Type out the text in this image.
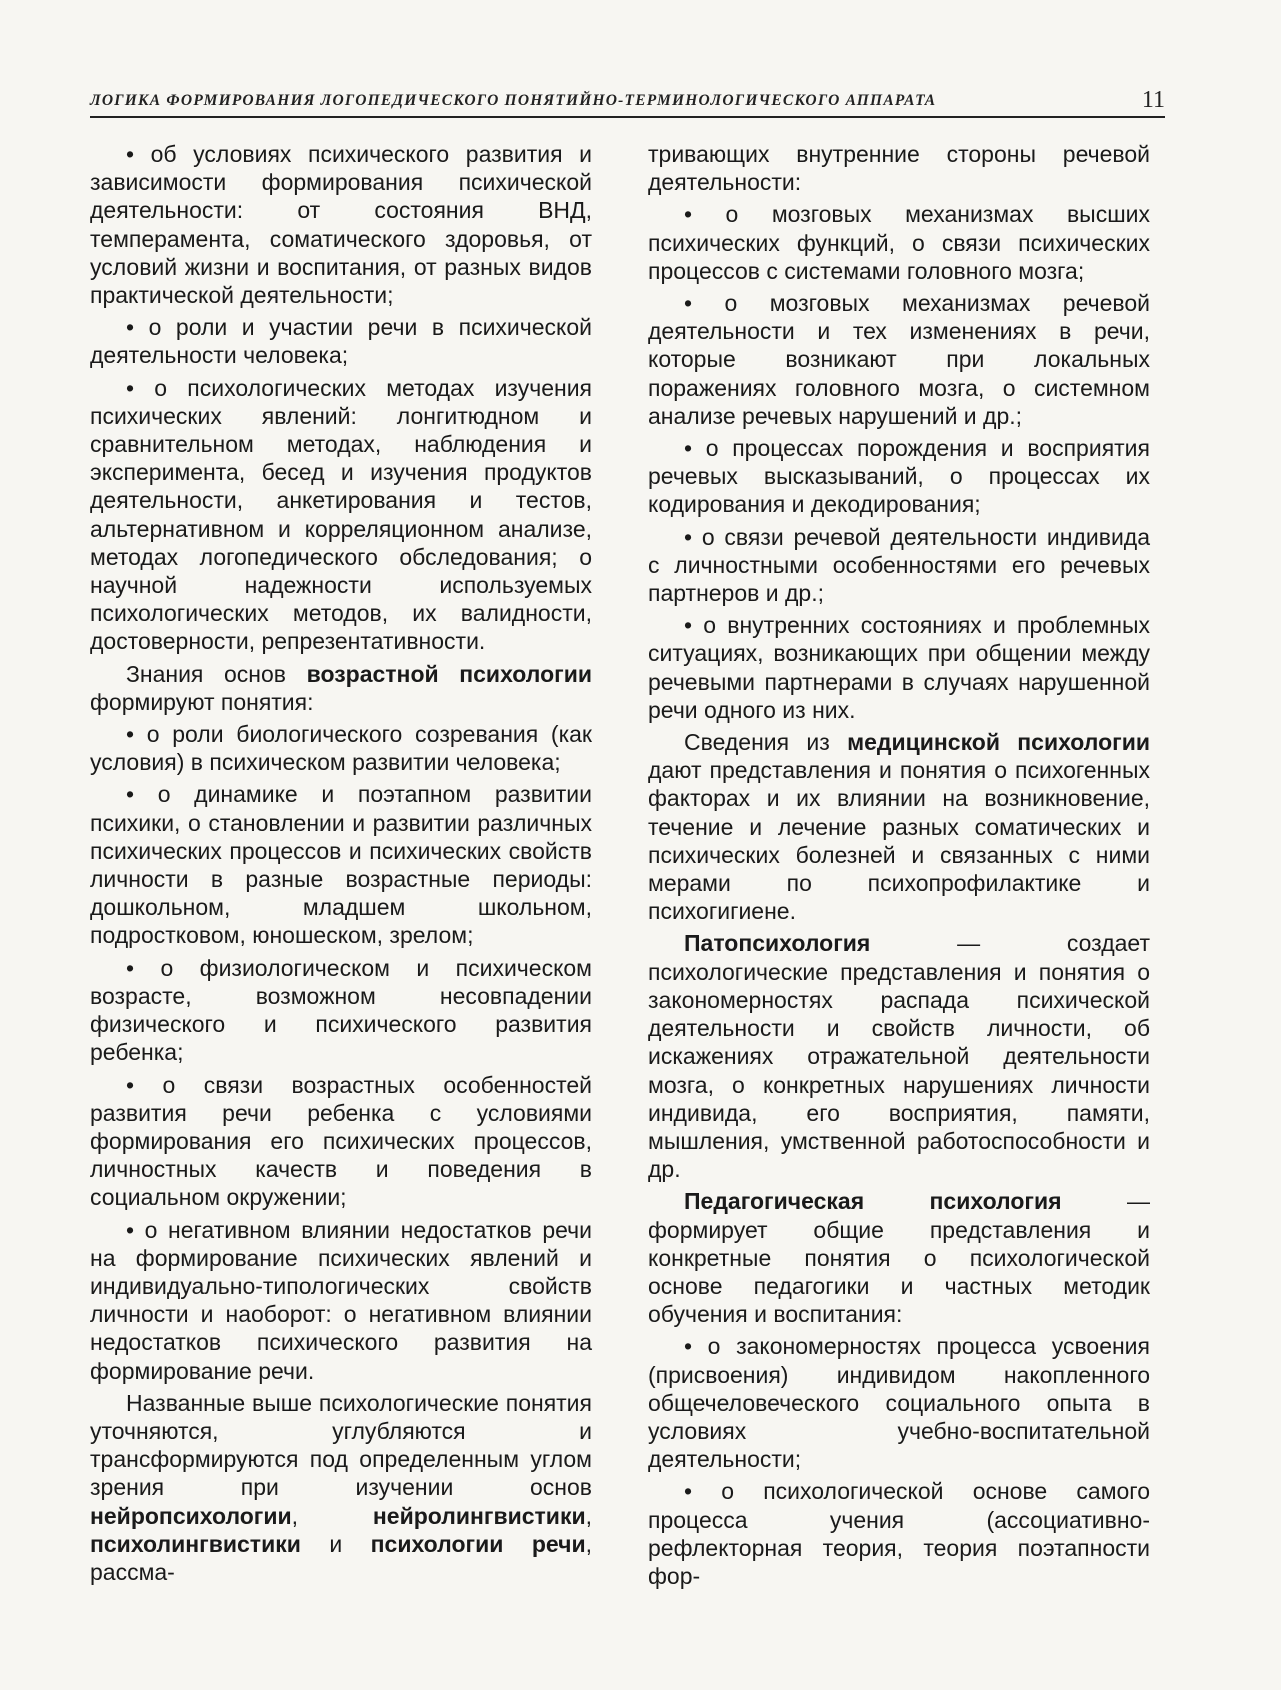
ЛОГИКА ФОРМИРОВАНИЯ ЛОГОПЕДИЧЕСКОГО ПОНЯТИЙНО-ТЕРМИНОЛОГИЧЕСКОГО АППАРАТА	11

• об условиях психического развития и зависимости формирования психической деятельности: от состояния ВНД, темперамента, соматического здоровья, от условий жизни и воспитания, от разных видов практической деятельности;

• о роли и участии речи в психической деятельности человека;

• о психологических методах изучения психических явлений: лонгитюдном и сравнительном методах, наблюдения и эксперимента, бесед и изучения продуктов деятельности, анкетирования и тестов, альтернативном и корреляционном анализе, методах логопедического обследования; о научной надежности используемых психологических методов, их валидности, достоверности, репрезентативности.

Знания основ возрастной психологии формируют понятия:

• о роли биологического созревания (как условия) в психическом развитии человека;

• о динамике и поэтапном развитии психики, о становлении и развитии различных психических процессов и психических свойств личности в разные возрастные периоды: дошкольном, младшем школьном, подростковом, юношеском, зрелом;

• о физиологическом и психическом возрасте, возможном несовпадении физического и психического развития ребенка;

• о связи возрастных особенностей развития речи ребенка с условиями формирования его психических процессов, личностных качеств и поведения в социальном окружении;

• о негативном влиянии недостатков речи на формирование психических явлений и индивидуально-типологических свойств личности и наоборот: о негативном влиянии недостатков психического развития на формирование речи.

Названные выше психологические понятия уточняются, углубляются и трансформируются под определенным углом зрения при изучении основ нейропсихологии, нейролингвистики, психолингвистики и психологии речи, рассма-

тривающих внутренние стороны речевой деятельности:

• о мозговых механизмах высших психических функций, о связи психических процессов с системами головного мозга;

• о мозговых механизмах речевой деятельности и тех изменениях в речи, которые возникают при локальных поражениях головного мозга, о системном анализе речевых нарушений и др.;

• о процессах порождения и восприятия речевых высказываний, о процессах их кодирования и декодирования;

• о связи речевой деятельности индивида с личностными особенностями его речевых партнеров и др.;

• о внутренних состояниях и проблемных ситуациях, возникающих при общении между речевыми партнерами в случаях нарушенной речи одного из них.

Сведения из медицинской психологии дают представления и понятия о психогенных факторах и их влиянии на возникновение, течение и лечение разных соматических и психических болезней и связанных с ними мерами по психопрофилактике и психогигиене.

Патопсихология — создает психологические представления и понятия о закономерностях распада психической деятельности и свойств личности, об искажениях отражательной деятельности мозга, о конкретных нарушениях личности индивида, его восприятия, памяти, мышления, умственной работоспособности и др.

Педагогическая психология — формирует общие представления и конкретные понятия о психологической основе педагогики и частных методик обучения и воспитания:

• о закономерностях процесса усвоения (присвоения) индивидом накопленного общечеловеческого социального опыта в условиях учебно-воспитательной деятельности;

• о психологической основе самого процесса учения (ассоциативно-рефлекторная теория, теория поэтапности фор-
